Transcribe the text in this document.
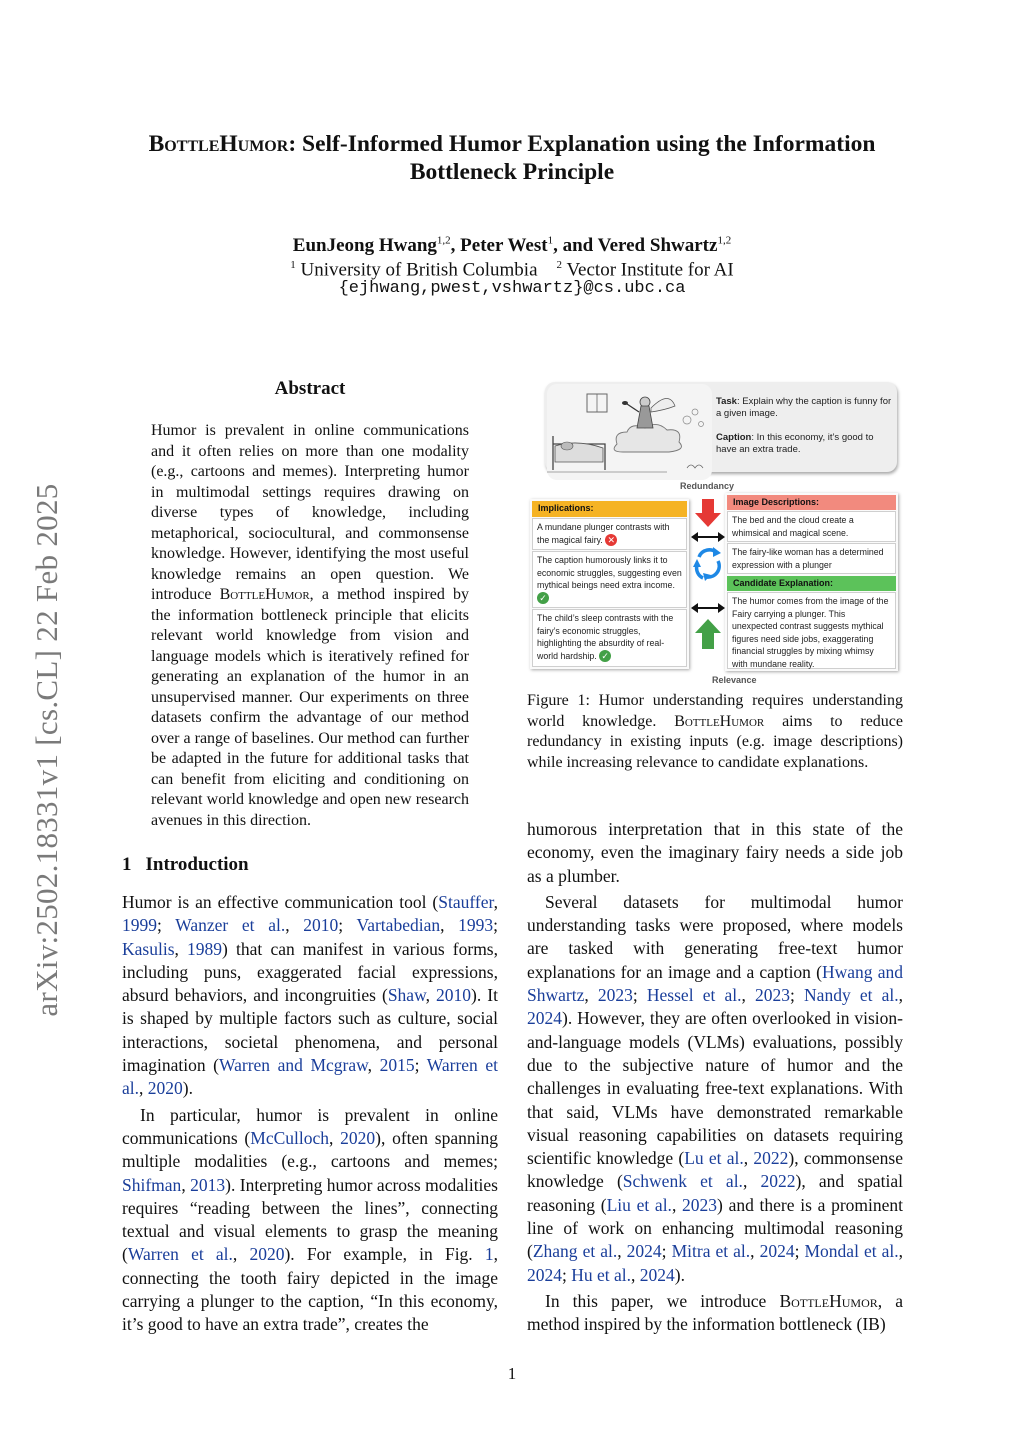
arXiv:2502.18331v1 [cs.CL] 22 Feb 2025
BottleHumor: Self-Informed Humor Explanation using the Information
Bottleneck Principle
EunJeong Hwang$^{1,2}$, Peter West$^1$, and Vered Shwartz$^{1,2}$
$^1$ University of British Columbia $^2$ Vector Institute for AI
{ejhwang,pwest,vshwartz}@cs.ubc.ca
Abstract
Humor is prevalent in online communications and it often relies on more than one modality (e.g., cartoons and memes). Interpreting humor in multimodal settings requires drawing on diverse types of knowledge, including metaphorical, sociocultural, and commonsense knowledge. However, identifying the most useful knowledge remains an open question. We introduce BottleHumor, a method inspired by the information bottleneck principle that elicits relevant world knowledge from vision and language models which is iteratively refined for generating an explanation of the humor in an unsupervised manner. Our experiments on three datasets confirm the advantage of our method over a range of baselines. Our method can further be adapted in the future for additional tasks that can benefit from eliciting and conditioning on relevant world knowledge and open new research avenues in this direction.
1 Introduction

Humor is an effective communication tool (Stauffer, 1999; Wanzer et al., 2010; Vartabedian, 1993; Kasulis, 1989) that can manifest in various forms, including puns, exaggerated facial expressions, absurd behaviors, and incongruities (Shaw, 2010). It is shaped by multiple factors such as culture, social interactions, societal phenomena, and personal imagination (Warren and Mcgraw, 2015; Warren et al., 2020).

In particular, humor is prevalent in online communications (McCulloch, 2020), often spanning multiple modalities (e.g., cartoons and memes; Shifman, 2013). Interpreting humor across modalities requires “reading between the lines”, connecting textual and visual elements to grasp the meaning (Warren et al., 2020). For example, in Fig. 1, connecting the tooth fairy depicted in the image carrying a plunger to the caption, “In this economy, it’s good to have an extra trade”, creates the

Task: Explain why the caption is funny for a given image.

Caption: In this economy, it’s good to have an extra trade.
Redundancy
Relevance
Implications:
A mundane plunger contrasts with the magical fairy. ✕
The caption humorously links it to economic struggles, suggesting even mythical beings need extra income. ✓
The child’s sleep contrasts with the fairy’s economic struggles, highlighting the absurdity of real-world hardship. ✓
Image Descriptions:
The bed and the cloud create a whimsical and magical scene.
The fairy-like woman has a determined expression with a plunger
Candidate Explanation:
The humor comes from the image of the Fairy carrying a plunger. This unexpected contrast suggests mythical figures need side jobs, exaggerating financial struggles by mixing whimsy with mundane reality.
Figure 1: Humor understanding requires understanding world knowledge. BottleHumor aims to reduce redundancy in existing inputs (e.g. image descriptions) while increasing relevance to candidate explanations.

humorous interpretation that in this state of the economy, even the imaginary fairy needs a side job as a plumber.

Several datasets for multimodal humor understanding tasks were proposed, where models are tasked with generating free-text humor explanations for an image and a caption (Hwang and Shwartz, 2023; Hessel et al., 2023; Nandy et al., 2024). However, they are often overlooked in vision-and-language models (VLMs) evaluations, possibly due to the subjective nature of humor and the challenges in evaluating free-text explanations. With that said, VLMs have demonstrated remarkable visual reasoning capabilities on datasets requiring scientific knowledge (Lu et al., 2022), commonsense knowledge (Schwenk et al., 2022), and spatial reasoning (Liu et al., 2023) and there is a prominent line of work on enhancing multimodal reasoning (Zhang et al., 2024; Mitra et al., 2024; Mondal et al., 2024; Hu et al., 2024).

In this paper, we introduce BottleHumor, a method inspired by the information bottleneck (IB)

1
